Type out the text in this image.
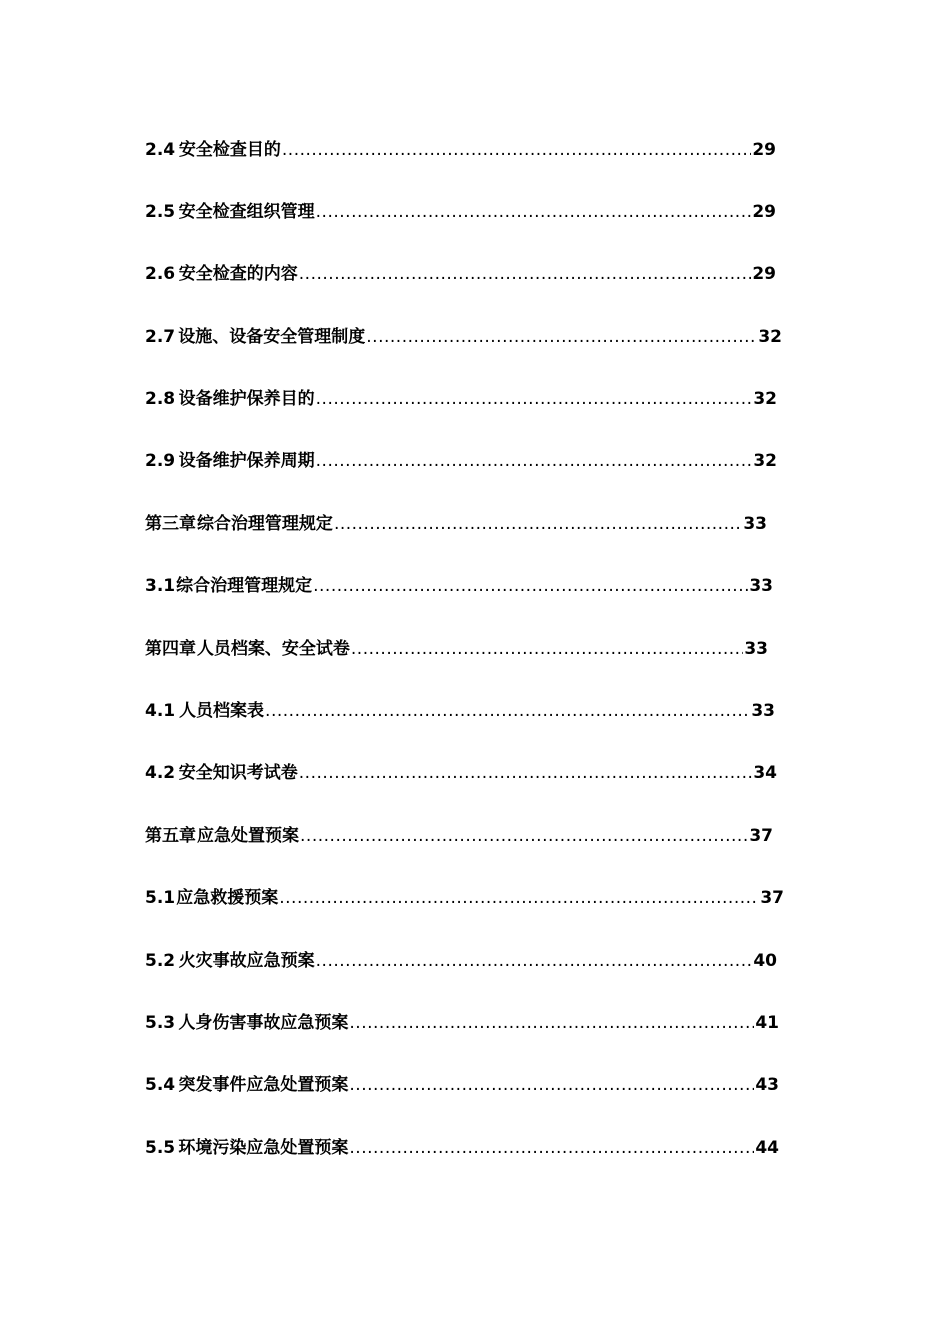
2.4 安全检查目的 .....	29
2.5 安全检查组织管理 .....	29
2.6 安全检查的内容 .....	29
2.7 设施、设备安全管理制度 .....	32
2.8 设备维护保养目的 .....	32
2.9 设备维护保养周期 .....	32
第三章 综合治理管理规定 .....	33
3.1 综合治理管理规定 .....	33
第四章 人员档案、安全试卷 .....	33
4.1 人员档案表 .....	33
4.2 安全知识考试卷 .....	34
第五章 应急处置预案 .....	37
5.1 应急救援预案 .....	37
5.2 火灾事故应急预案 .....	40
5.3 人身伤害事故应急预案 .....	41
5.4 突发事件应急处置预案 .....	43
5.5 环境污染应急处置预案 .....	44
